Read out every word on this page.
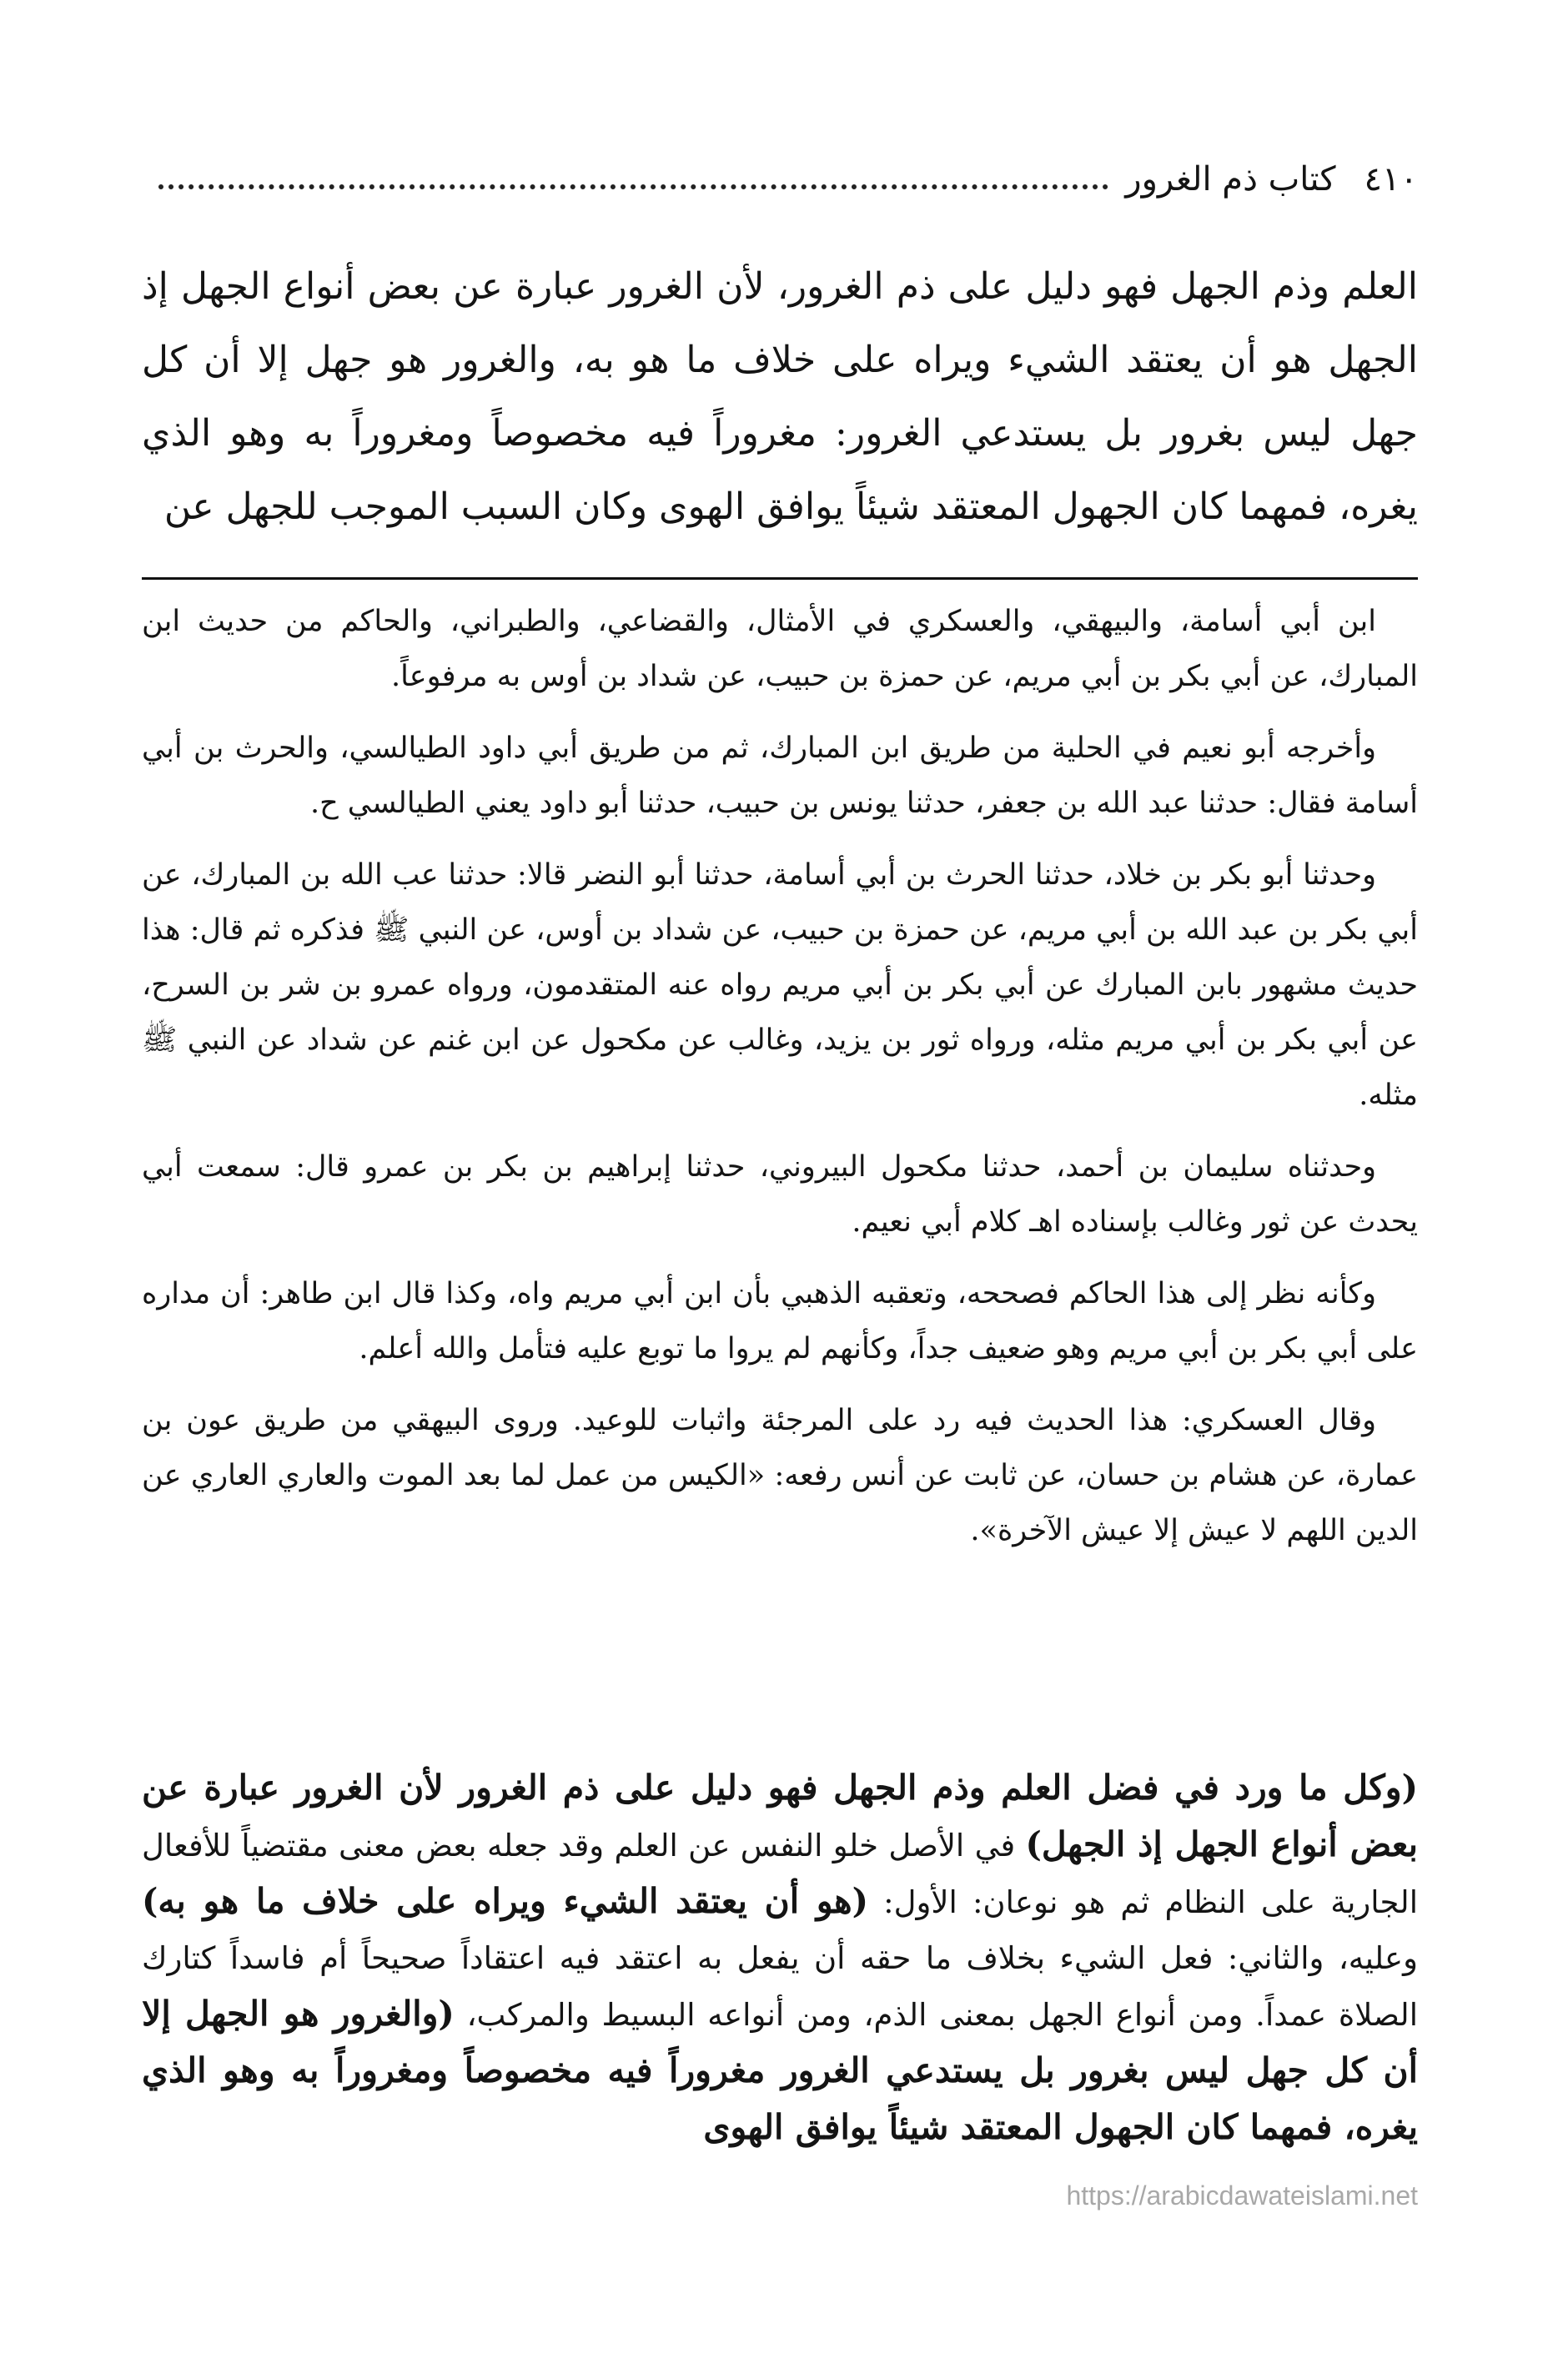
٤١٠
كتاب ذم الغرور

العلم وذم الجهل فهو دليل على ذم الغرور، لأن الغرور عبارة عن بعض أنواع الجهل إذ الجهل هو أن يعتقد الشيء ويراه على خلاف ما هو به، والغرور هو جهل إلا أن كل جهل ليس بغرور بل يستدعي الغرور: مغروراً فيه مخصوصاً ومغروراً به وهو الذي يغره، فمهما كان الجهول المعتقد شيئاً يوافق الهوى وكان السبب الموجب للجهل عن

ابن أبي أسامة، والبيهقي، والعسكري في الأمثال، والقضاعي، والطبراني، والحاكم من حديث ابن المبارك، عن أبي بكر بن أبي مريم، عن حمزة بن حبيب، عن شداد بن أوس به مرفوعاً.

وأخرجه أبو نعيم في الحلية من طريق ابن المبارك، ثم من طريق أبي داود الطيالسي، والحرث بن أبي أسامة فقال: حدثنا عبد الله بن جعفر، حدثنا يونس بن حبيب، حدثنا أبو داود يعني الطيالسي ح.

وحدثنا أبو بكر بن خلاد، حدثنا الحرث بن أبي أسامة، حدثنا أبو النضر قالا: حدثنا عب الله بن المبارك، عن أبي بكر بن عبد الله بن أبي مريم، عن حمزة بن حبيب، عن شداد بن أوس، عن النبي ﷺ فذكره ثم قال: هذا حديث مشهور بابن المبارك عن أبي بكر بن أبي مريم رواه عنه المتقدمون، ورواه عمرو بن شر بن السرح، عن أبي بكر بن أبي مريم مثله، ورواه ثور بن يزيد، وغالب عن مكحول عن ابن غنم عن شداد عن النبي ﷺ مثله.

وحدثناه سليمان بن أحمد، حدثنا مكحول البيروني، حدثنا إبراهيم بن بكر بن عمرو قال: سمعت أبي يحدث عن ثور وغالب بإسناده اهـ كلام أبي نعيم.

وكأنه نظر إلى هذا الحاكم فصححه، وتعقبه الذهبي بأن ابن أبي مريم واه، وكذا قال ابن طاهر: أن مداره على أبي بكر بن أبي مريم وهو ضعيف جداً، وكأنهم لم يروا ما توبع عليه فتأمل والله أعلم.

وقال العسكري: هذا الحديث فيه رد على المرجئة واثبات للوعيد. وروى البيهقي من طريق عون بن عمارة، عن هشام بن حسان، عن ثابت عن أنس رفعه: «الكيس من عمل لما بعد الموت والعاري العاري عن الدين اللهم لا عيش إلا عيش الآخرة».

(وكل ما ورد في فضل العلم وذم الجهل فهو دليل على ذم الغرور لأن الغرور عبارة عن بعض أنواع الجهل إذ الجهل) في الأصل خلو النفس عن العلم وقد جعله بعض معنى مقتضياً للأفعال الجارية على النظام ثم هو نوعان: الأول: (هو أن يعتقد الشيء ويراه على خلاف ما هو به) وعليه، والثاني: فعل الشيء بخلاف ما حقه أن يفعل به اعتقد فيه اعتقاداً صحيحاً أم فاسداً كتارك الصلاة عمداً. ومن أنواع الجهل بمعنى الذم، ومن أنواعه البسيط والمركب، (والغرور هو الجهل إلا أن كل جهل ليس بغرور بل يستدعي الغرور مغروراً فيه مخصوصاً ومغروراً به وهو الذي يغره، فمهما كان الجهول المعتقد شيئاً يوافق الهوى

https://arabicdawateislami.net
